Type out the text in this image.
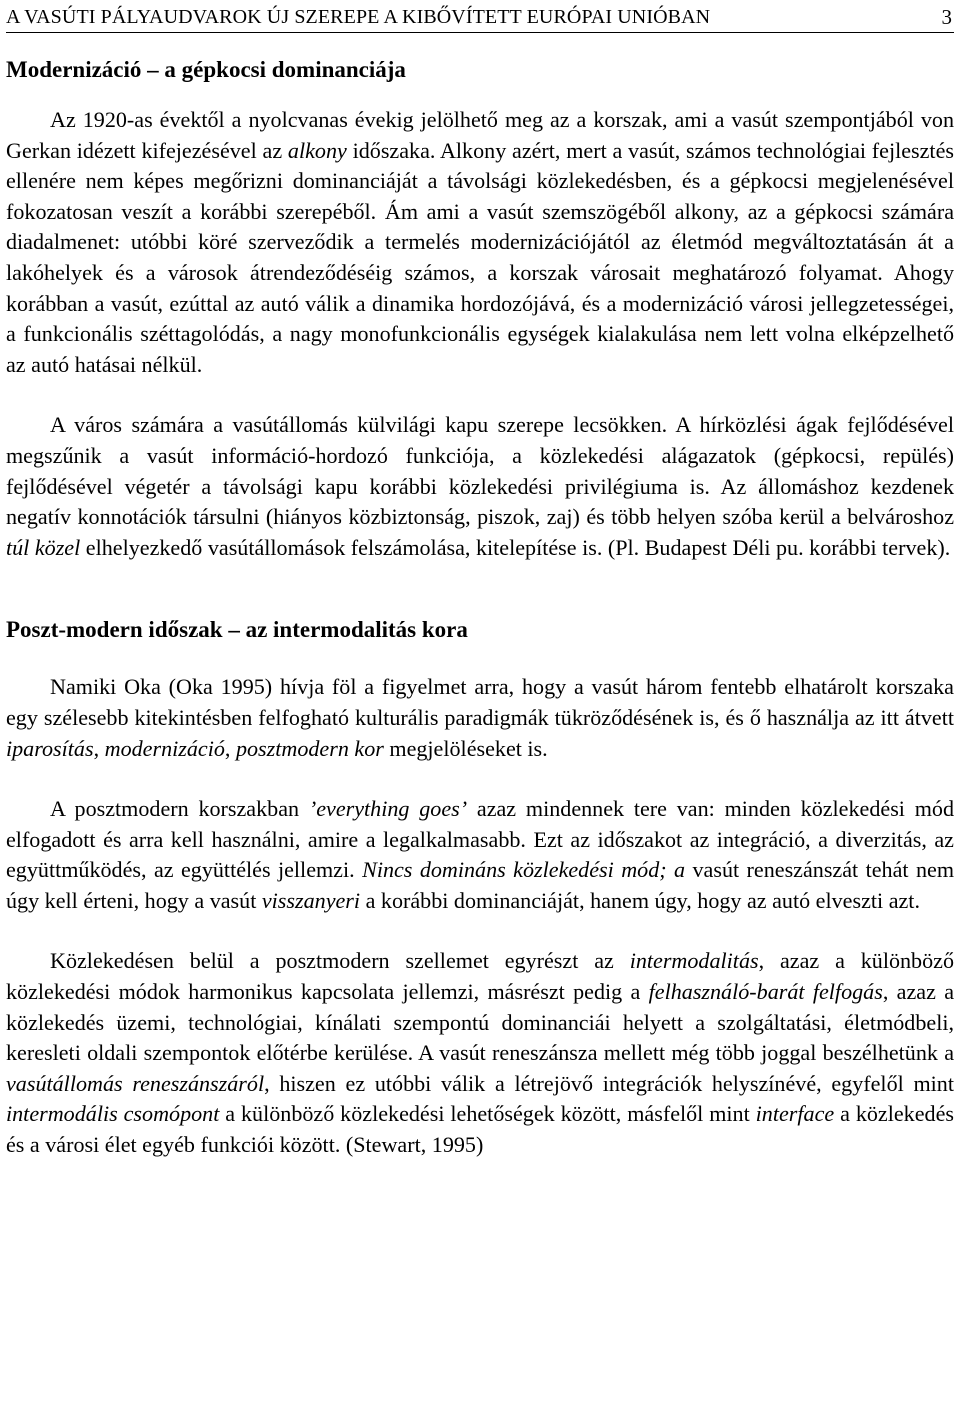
A VASÚTI PÁLYAUDVAROK ÚJ SZEREPE A KIBŐVÍTETT EURÓPAI UNIÓBAN	3
Modernizáció – a gépkocsi dominanciája

Az 1920-as évektől a nyolcvanas évekig jelölhető meg az a korszak, ami a vasút szempontjából von Gerkan idézett kifejezésével az alkony időszaka. Alkony azért, mert a vasút, számos technológiai fejlesztés ellenére nem képes megőrizni dominanciáját a távolsági közlekedésben, és a gépkocsi megjelenésével fokozatosan veszít a korábbi szerepéből. Ám ami a vasút szemszögéből alkony, az a gépkocsi számára diadalmenet: utóbbi köré szerveződik a termelés modernizációjától az életmód megváltoztatásán át a lakóhelyek és a városok átrendeződéséig számos, a korszak városait meghatározó folyamat. Ahogy korábban a vasút, ezúttal az autó válik a dinamika hordozójává, és a modernizáció városi jellegzetességei, a funkcionális széttagolódás, a nagy monofunkcionális egységek kialakulása nem lett volna elképzelhető az autó hatásai nélkül.

A város számára a vasútállomás külvilági kapu szerepe lecsökken. A hírközlési ágak fejlődésével megszűnik a vasút információ-hordozó funkciója, a közlekedési alágazatok (gépkocsi, repülés) fejlődésével végetér a távolsági kapu korábbi közlekedési privilégiuma is. Az állomáshoz kezdenek negatív konnotációk társulni (hiányos közbiztonság, piszok, zaj) és több helyen szóba kerül a belvároshoz túl közel elhelyezkedő vasútállomások felszámolása, kitelepítése is. (Pl. Budapest Déli pu. korábbi tervek).

Poszt-modern időszak – az intermodalitás kora

Namiki Oka (Oka 1995) hívja föl a figyelmet arra, hogy a vasút három fentebb elhatárolt korszaka egy szélesebb kitekintésben felfogható kulturális paradigmák tükröződésének is, és ő használja az itt átvett iparosítás, modernizáció, posztmodern kor megjelöléseket is.

A posztmodern korszakban ’everything goes’ azaz mindennek tere van: minden közlekedési mód elfogadott és arra kell használni, amire a legalkalmasabb. Ezt az időszakot az integráció, a diverzitás, az együttműködés, az együttélés jellemzi. Nincs domináns közlekedési mód; a vasút reneszánszát tehát nem úgy kell érteni, hogy a vasút visszanyeri a korábbi dominanciáját, hanem úgy, hogy az autó elveszti azt.

Közlekedésen belül a posztmodern szellemet egyrészt az intermodalitás, azaz a különböző közlekedési módok harmonikus kapcsolata jellemzi, másrészt pedig a felhasználó-barát felfogás, azaz a közlekedés üzemi, technológiai, kínálati szempontú dominanciái helyett a szolgáltatási, életmódbeli, keresleti oldali szempontok előtérbe kerülése. A vasút reneszánsza mellett még több joggal beszélhetünk a vasútállomás reneszánszáról, hiszen ez utóbbi válik a létrejövő integrációk helyszínévé, egyfelől mint intermodális csomópont a különböző közlekedési lehetőségek között, másfelől mint interface a közlekedés és a városi élet egyéb funkciói között. (Stewart, 1995)
